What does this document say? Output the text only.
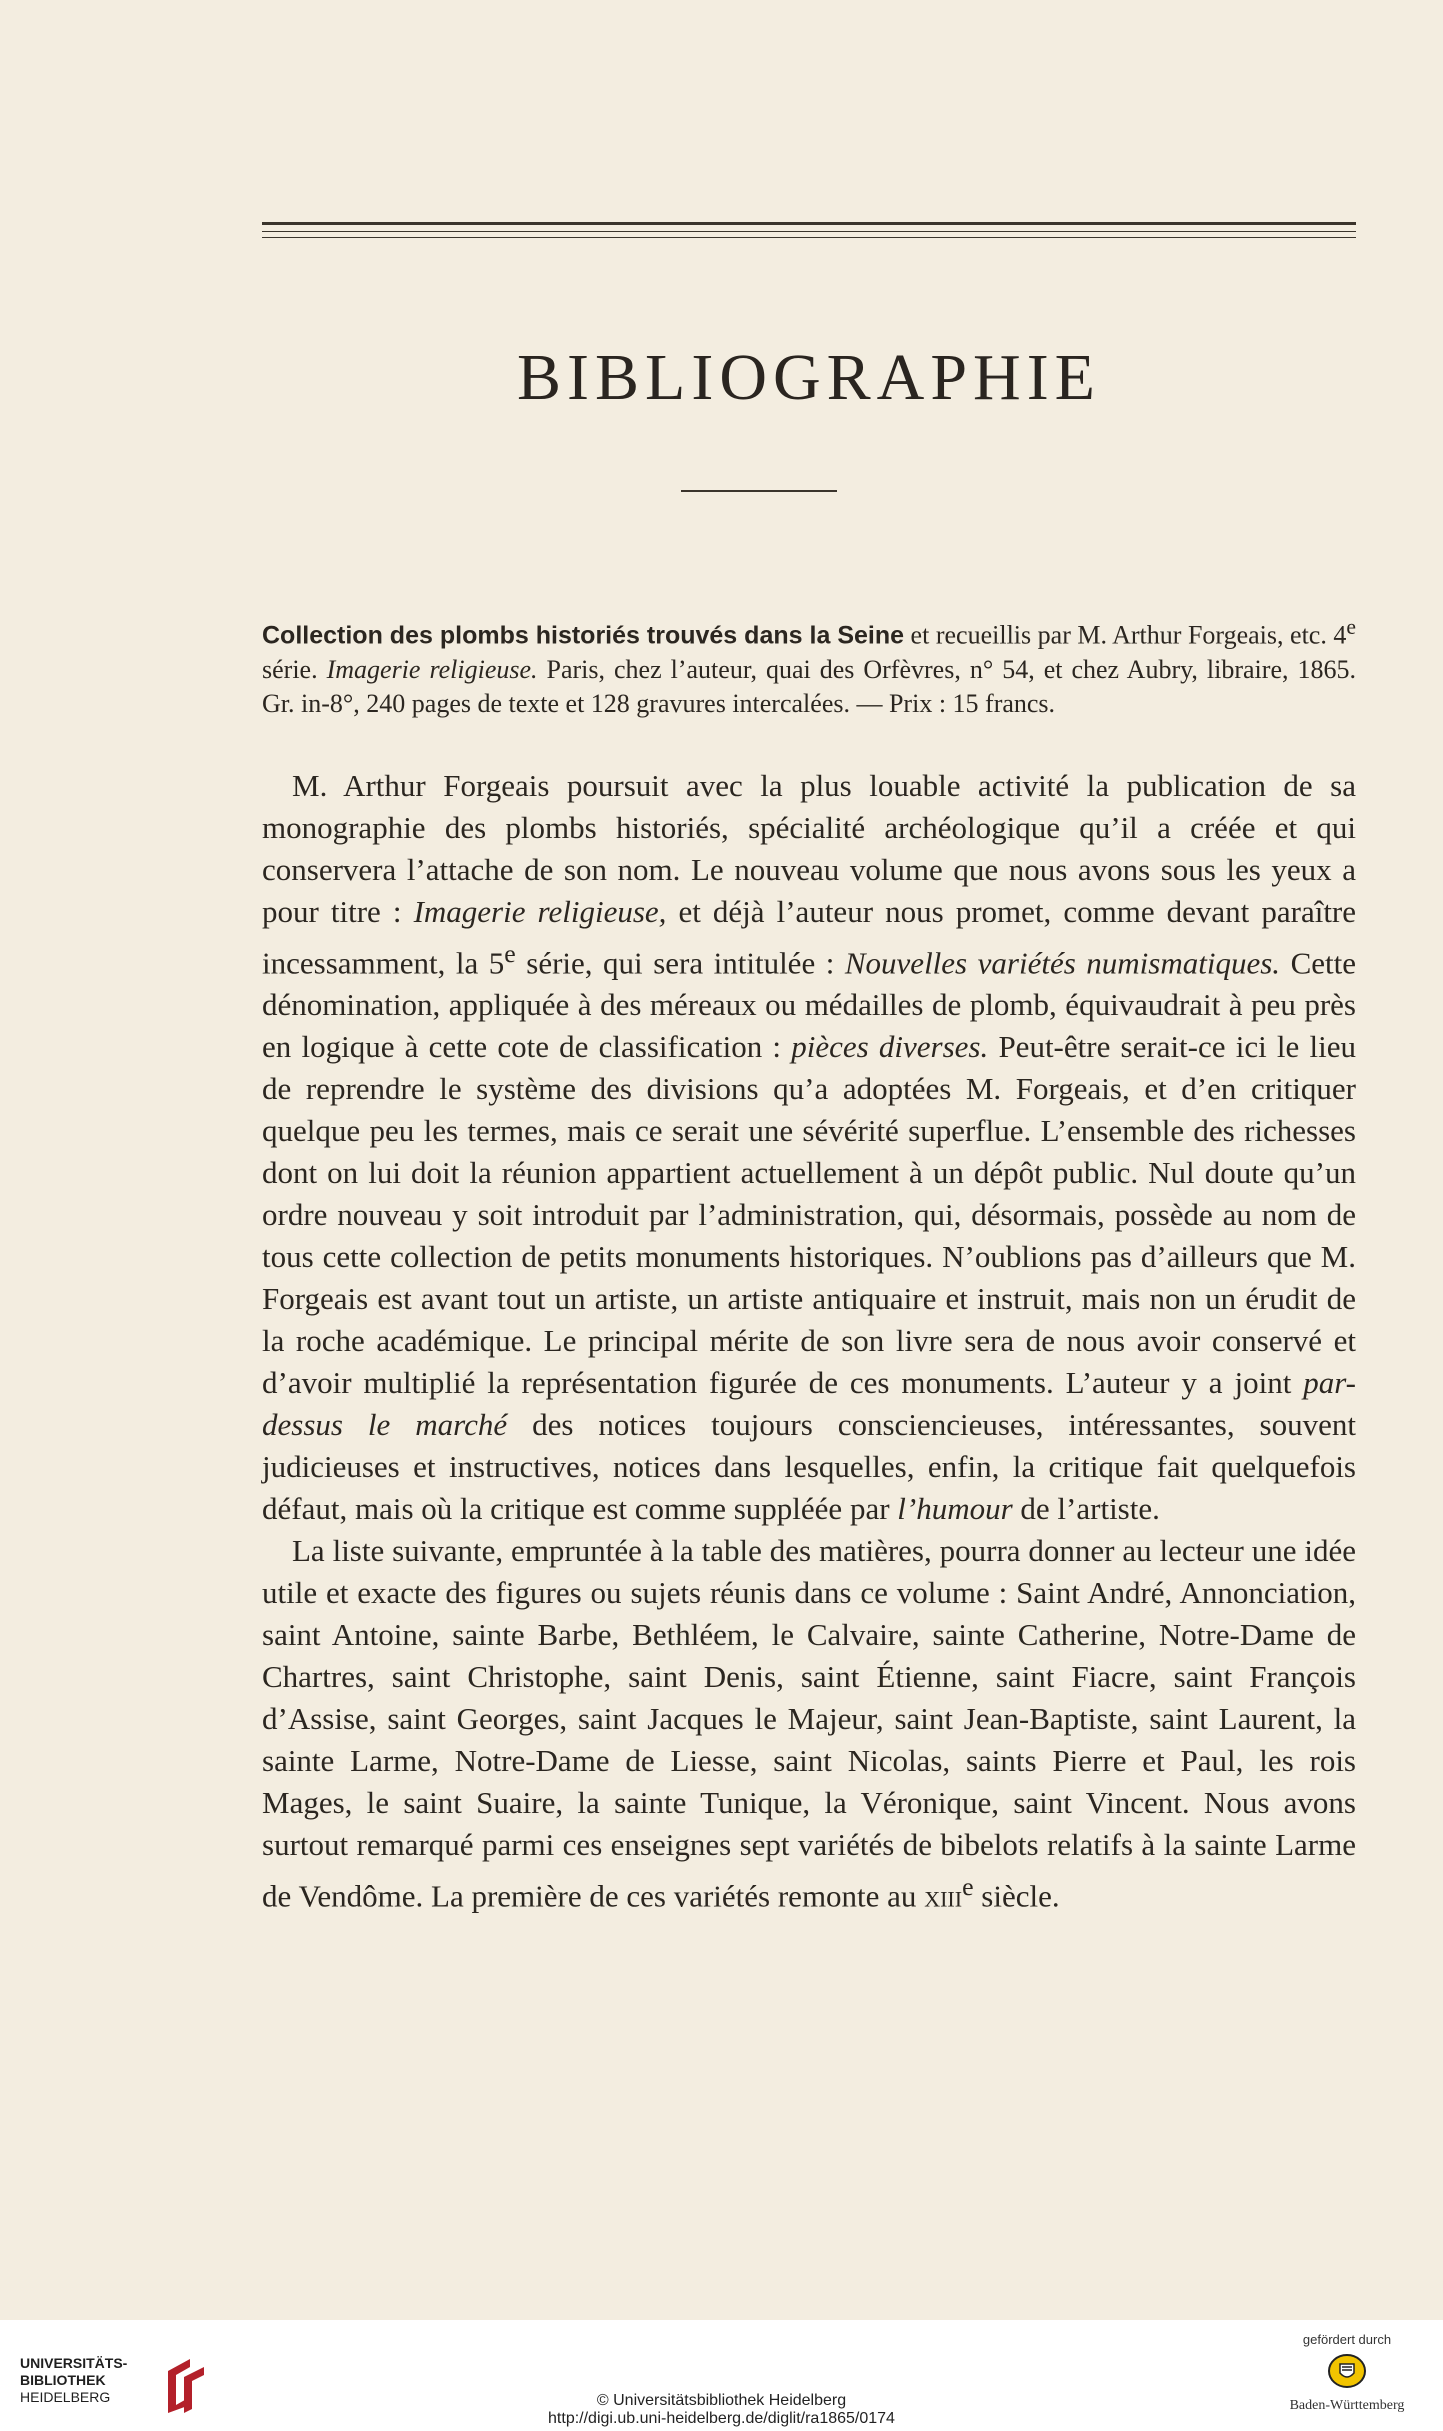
BIBLIOGRAPHIE
Collection des plombs historiés trouvés dans la Seine et recueillis par M. Arthur Forgeais, etc. 4e série. Imagerie religieuse. Paris, chez l’auteur, quai des Orfèvres, n° 54, et chez Aubry, libraire, 1865. Gr. in-8°, 240 pages de texte et 128 gravures intercalées. — Prix : 15 francs.

M. Arthur Forgeais poursuit avec la plus louable activité la publication de sa monographie des plombs historiés, spécialité archéologique qu’il a créée et qui conservera l’attache de son nom. Le nouveau volume que nous avons sous les yeux a pour titre : Imagerie religieuse, et déjà l’auteur nous promet, comme devant paraître incessamment, la 5e série, qui sera intitulée : Nouvelles variétés numismatiques. Cette dénomination, appliquée à des méreaux ou médailles de plomb, équivaudrait à peu près en logique à cette cote de classification : pièces diverses. Peut-être serait-ce ici le lieu de reprendre le système des divisions qu’a adoptées M. Forgeais, et d’en critiquer quelque peu les termes, mais ce serait une sévérité superflue. L’ensemble des richesses dont on lui doit la réunion appartient actuellement à un dépôt public. Nul doute qu’un ordre nouveau y soit introduit par l’administration, qui, désormais, possède au nom de tous cette collection de petits monuments historiques. N’oublions pas d’ailleurs que M. Forgeais est avant tout un artiste, un artiste antiquaire et instruit, mais non un érudit de la roche académique. Le principal mérite de son livre sera de nous avoir conservé et d’avoir multiplié la représentation figurée de ces monuments. L’auteur y a joint par-dessus le marché des notices toujours consciencieuses, intéressantes, souvent judicieuses et instructives, notices dans lesquelles, enfin, la critique fait quelquefois défaut, mais où la critique est comme suppléée par l’humour de l’artiste.

La liste suivante, empruntée à la table des matières, pourra donner au lecteur une idée utile et exacte des figures ou sujets réunis dans ce volume : Saint André, Annonciation, saint Antoine, sainte Barbe, Bethléem, le Calvaire, sainte Catherine, Notre-Dame de Chartres, saint Christophe, saint Denis, saint Étienne, saint Fiacre, saint François d’Assise, saint Georges, saint Jacques le Majeur, saint Jean-Baptiste, saint Laurent, la sainte Larme, Notre-Dame de Liesse, saint Nicolas, saints Pierre et Paul, les rois Mages, le saint Suaire, la sainte Tunique, la Véronique, saint Vincent. Nous avons surtout remarqué parmi ces enseignes sept variétés de bibelots relatifs à la sainte Larme de Vendôme. La première de ces variétés remonte au xiii$^e$ siècle.

UNIVERSITÄTS-
BIBLIOTHEK
HEIDELBERG	© Universitätsbibliothek Heidelberg
http://digi.ub.uni-heidelberg.de/diglit/ra1865/0174
gefördert durch
Baden-Württemberg
